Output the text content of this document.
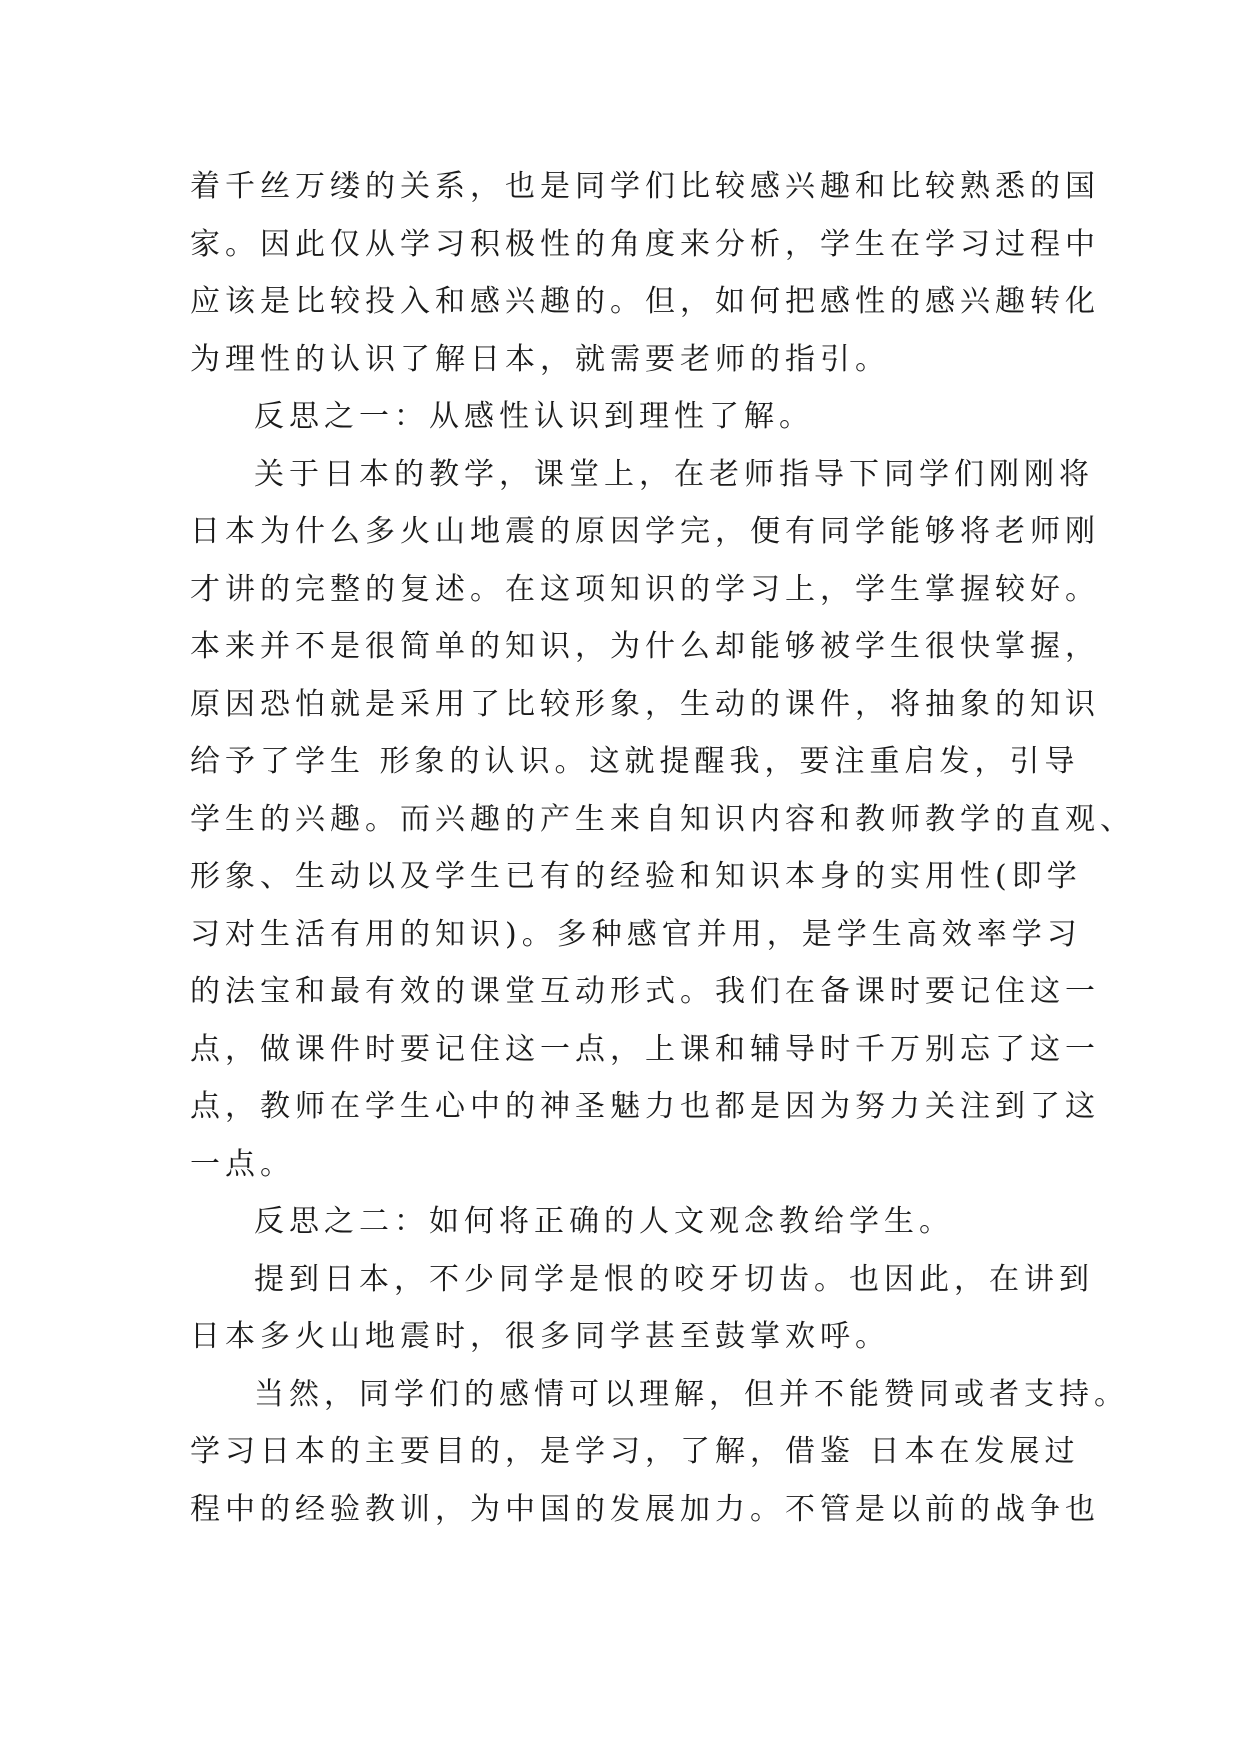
着千丝万缕的关系，也是同学们比较感兴趣和比较熟悉的国
家。因此仅从学习积极性的角度来分析，学生在学习过程中
应该是比较投入和感兴趣的。但，如何把感性的感兴趣转化
为理性的认识了解日本，就需要老师的指引。
反思之一：从感性认识到理性了解。
关于日本的教学，课堂上，在老师指导下同学们刚刚将
日本为什么多火山地震的原因学完，便有同学能够将老师刚
才讲的完整的复述。在这项知识的学习上，学生掌握较好。
本来并不是很简单的知识，为什么却能够被学生很快掌握，
原因恐怕就是采用了比较形象，生动的课件，将抽象的知识
给予了学生 形象的认识。这就提醒我，要注重启发，引导
学生的兴趣。而兴趣的产生来自知识内容和教师教学的直观、
形象、生动以及学生已有的经验和知识本身的实用性(即学
习对生活有用的知识)。多种感官并用，是学生高效率学习
的法宝和最有效的课堂互动形式。我们在备课时要记住这一
点，做课件时要记住这一点，上课和辅导时千万别忘了这一
点，教师在学生心中的神圣魅力也都是因为努力关注到了这
一点。
反思之二：如何将正确的人文观念教给学生。
提到日本，不少同学是恨的咬牙切齿。也因此，在讲到
日本多火山地震时，很多同学甚至鼓掌欢呼。
当然，同学们的感情可以理解，但并不能赞同或者支持。
学习日本的主要目的，是学习，了解，借鉴 日本在发展过
程中的经验教训，为中国的发展加力。不管是以前的战争也
